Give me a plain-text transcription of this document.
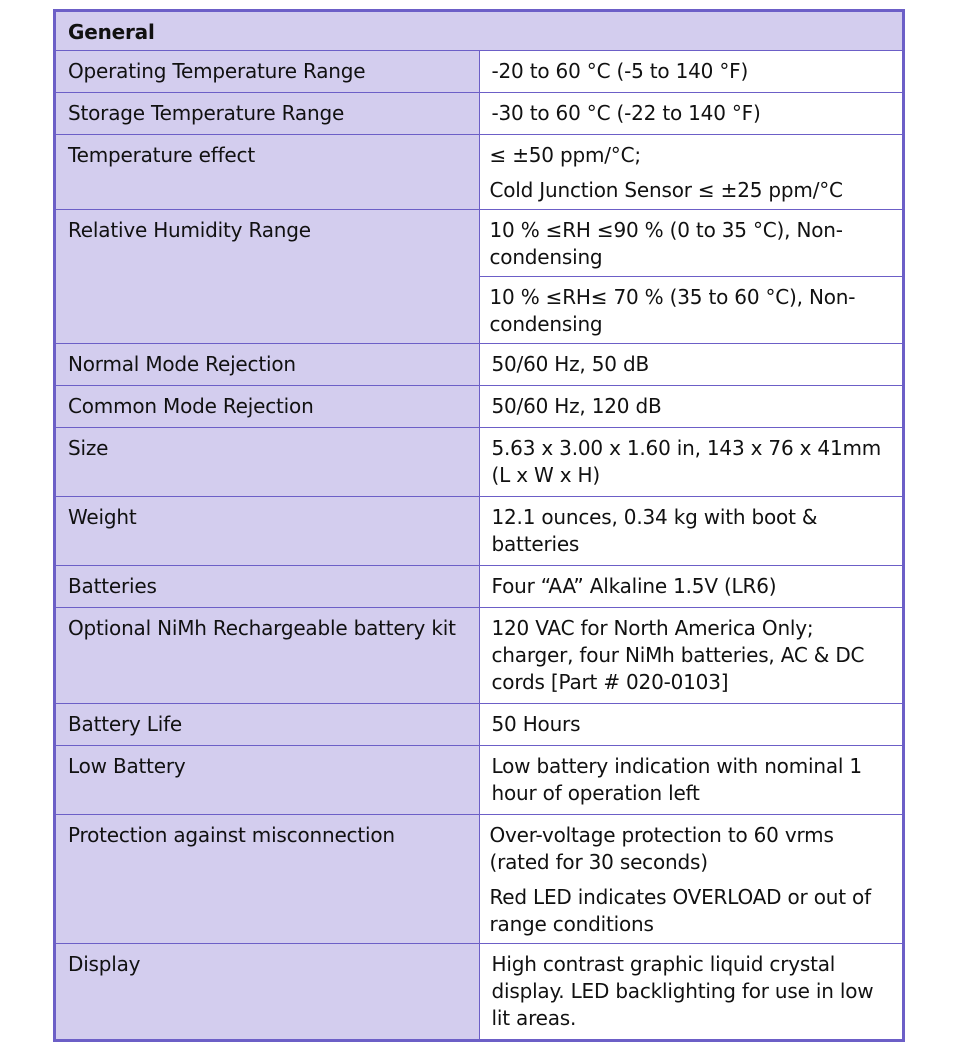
General	
Operating Temperature Range	-20 to 60 °C (-5 to 140 °F)
Storage Temperature Range	-30 to 60 °C (-22 to 140 °F)
Temperature effect	≤ ±50 ppm/°C;
Cold Junction Sensor ≤ ±25 ppm/°C

Relative Humidity Range	10 % ≤RH ≤90 % (0 to 35 °C), Non-condensing
10 % ≤RH≤ 70 % (35 to 60 °C), Non-condensing

Normal Mode Rejection	50/60 Hz, 50 dB
Common Mode Rejection	50/60 Hz, 120 dB
Size	5.63 x 3.00 x 1.60 in, 143 x 76 x 41mm (L x W x H)
Weight	12.1 ounces, 0.34 kg with boot & batteries
Batteries	Four “AA” Alkaline 1.5V (LR6)
Optional NiMh Rechargeable battery kit	120 VAC for North America Only; charger, four NiMh batteries, AC & DC cords [Part # 020-0103]
Battery Life	50 Hours
Low Battery	Low battery indication with nominal 1 hour of operation left
Protection against misconnection	Over-voltage protection to 60 vrms (rated for 30 seconds)
Red LED indicates OVERLOAD or out of range conditions

Display	High contrast graphic liquid crystal display. LED backlighting for use in low lit areas.
